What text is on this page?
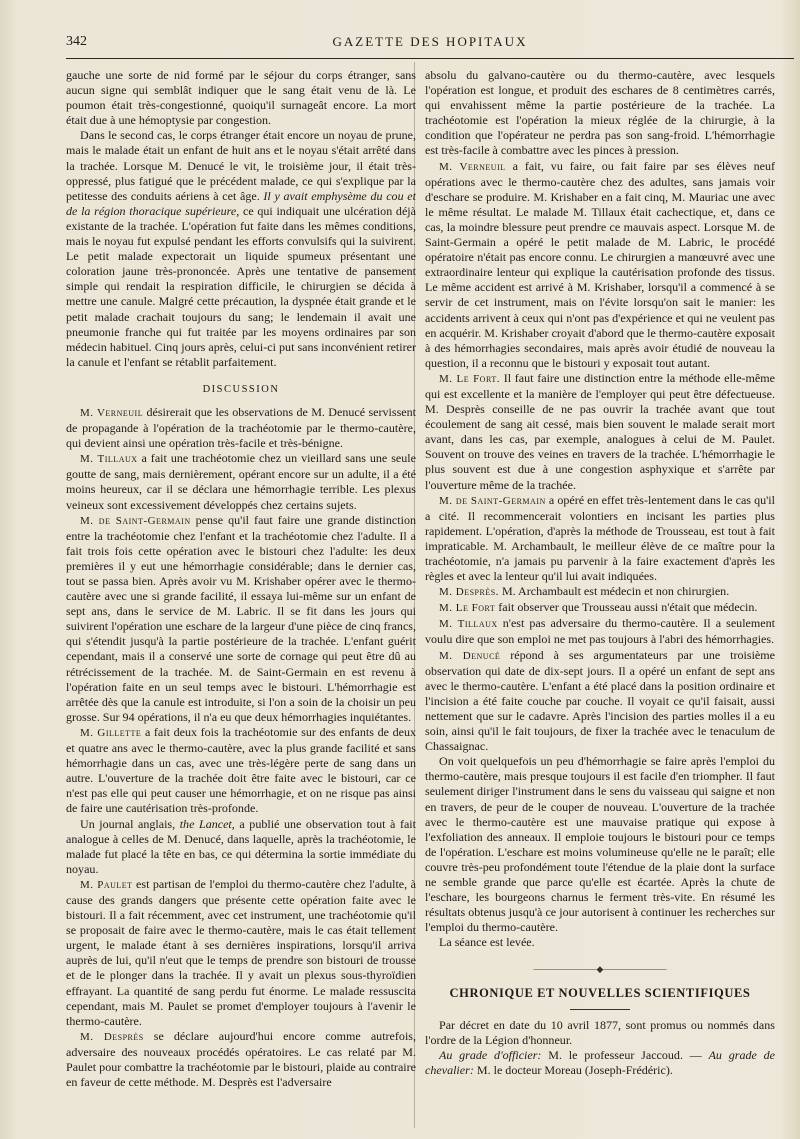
342	GAZETTE DES HOPITAUX

gauche une sorte de nid formé par le séjour du corps étranger, sans aucun signe qui semblât indiquer que le sang était venu de là. Le poumon était très-congestionné, quoiqu'il surnageât encore. La mort était due à une hémoptysie par congestion.

Dans le second cas, le corps étranger était encore un noyau de prune, mais le malade était un enfant de huit ans et le noyau s'était arrêté dans la trachée. Lorsque M. Denucé le vit, le troisième jour, il était très-oppressé, plus fatigué que le précédent malade, ce qui s'explique par la petitesse des conduits aériens à cet âge. Il y avait emphysème du cou et de la région thoracique supérieure, ce qui indiquait une ulcération déjà existante de la trachée. L'opération fut faite dans les mêmes conditions, mais le noyau fut expulsé pendant les efforts convulsifs qui la suivirent. Le petit malade expectorait un liquide spumeux présentant une coloration jaune très-prononcée. Après une tentative de pansement simple qui rendait la respiration difficile, le chirurgien se décida à mettre une canule. Malgré cette précaution, la dyspnée était grande et le petit malade crachait toujours du sang; le lendemain il avait une pneumonie franche qui fut traitée par les moyens ordinaires par son médecin habituel. Cinq jours après, celui-ci put sans inconvénient retirer la canule et l'enfant se rétablit parfaitement.

DISCUSSION

M. Verneuil désirerait que les observations de M. Denucé servissent de propagande à l'opération de la trachéotomie par le thermo-cautère, qui devient ainsi une opération très-facile et très-bénigne.

M. Tillaux a fait une trachéotomie chez un vieillard sans une seule goutte de sang, mais dernièrement, opérant encore sur un adulte, il a été moins heureux, car il se déclara une hémorrhagie terrible. Les plexus veineux sont excessivement développés chez certains sujets.

M. de Saint-Germain pense qu'il faut faire une grande distinction entre la trachéotomie chez l'enfant et la trachéotomie chez l'adulte. Il a fait trois fois cette opération avec le bistouri chez l'adulte: les deux premières il y eut une hémorrhagie considérable; dans le dernier cas, tout se passa bien. Après avoir vu M. Krishaber opérer avec le thermo-cautère avec une si grande facilité, il essaya lui-même sur un enfant de sept ans, dans le service de M. Labric. Il se fit dans les jours qui suivirent l'opération une eschare de la largeur d'une pièce de cinq francs, qui s'étendit jusqu'à la partie postérieure de la trachée. L'enfant guérit cependant, mais il a conservé une sorte de cornage qui peut être dû au rétrécissement de la trachée. M. de Saint-Germain en est revenu à l'opération faite en un seul temps avec le bistouri. L'hémorrhagie est arrêtée dès que la canule est introduite, si l'on a soin de la choisir un peu grosse. Sur 94 opérations, il n'a eu que deux hémorrhagies inquiétantes.

M. Gillette a fait deux fois la trachéotomie sur des enfants de deux et quatre ans avec le thermo-cautère, avec la plus grande facilité et sans hémorrhagie dans un cas, avec une très-légère perte de sang dans un autre. L'ouverture de la trachée doit être faite avec le bistouri, car ce n'est pas elle qui peut causer une hémorrhagie, et on ne risque pas ainsi de faire une cautérisation très-profonde.

Un journal anglais, the Lancet, a publié une observation tout à fait analogue à celles de M. Denucé, dans laquelle, après la trachéotomie, le malade fut placé la tête en bas, ce qui détermina la sortie immédiate du noyau.

M. Paulet est partisan de l'emploi du thermo-cautère chez l'adulte, à cause des grands dangers que présente cette opération faite avec le bistouri. Il a fait récemment, avec cet instrument, une trachéotomie qu'il se proposait de faire avec le thermo-cautère, mais le cas était tellement urgent, le malade étant à ses dernières inspirations, lorsqu'il arriva auprès de lui, qu'il n'eut que le temps de prendre son bistouri de trousse et de le plonger dans la trachée. Il y avait un plexus sous-thyroïdien effrayant. La quantité de sang perdu fut énorme. Le malade ressuscita cependant, mais M. Paulet se promet d'employer toujours à l'avenir le thermo-cautère.

M. Desprès se déclare aujourd'hui encore comme autrefois, adversaire des nouveaux procédés opératoires. Le cas relaté par M. Paulet pour combattre la trachéotomie par le bistouri, plaide au contraire en faveur de cette méthode. M. Desprès est l'adversaire

absolu du galvano-cautère ou du thermo-cautère, avec lesquels l'opération est longue, et produit des eschares de 8 centimètres carrés, qui envahissent même la partie postérieure de la trachée. La trachéotomie est l'opération la mieux réglée de la chirurgie, à la condition que l'opérateur ne perdra pas son sang-froid. L'hémorrhagie est très-facile à combattre avec les pinces à pression.

M. Verneuil a fait, vu faire, ou fait faire par ses élèves neuf opérations avec le thermo-cautère chez des adultes, sans jamais voir d'eschare se produire. M. Krishaber en a fait cinq, M. Mauriac une avec le même résultat. Le malade M. Tillaux était cachectique, et, dans ce cas, la moindre blessure peut prendre ce mauvais aspect. Lorsque M. de Saint-Germain a opéré le petit malade de M. Labric, le procédé opératoire n'était pas encore connu. Le chirurgien a manœuvré avec une extraordinaire lenteur qui explique la cautérisation profonde des tissus. Le même accident est arrivé à M. Krishaber, lorsqu'il a commencé à se servir de cet instrument, mais on l'évite lorsqu'on sait le manier: les accidents arrivent à ceux qui n'ont pas d'expérience et qui ne veulent pas en acquérir. M. Krishaber croyait d'abord que le thermo-cautère exposait à des hémorrhagies secondaires, mais après avoir étudié de nouveau la question, il a reconnu que le bistouri y exposait tout autant.

M. Le Fort. Il faut faire une distinction entre la méthode elle-même qui est excellente et la manière de l'employer qui peut être défectueuse. M. Desprès conseille de ne pas ouvrir la trachée avant que tout écoulement de sang ait cessé, mais bien souvent le malade serait mort avant, dans les cas, par exemple, analogues à celui de M. Paulet. Souvent on trouve des veines en travers de la trachée. L'hémorrhagie le plus souvent est due à une congestion asphyxique et s'arrête par l'ouverture même de la trachée.

M. de Saint-Germain a opéré en effet très-lentement dans le cas qu'il a cité. Il recommencerait volontiers en incisant les parties plus rapidement. L'opération, d'après la méthode de Trousseau, est tout à fait impraticable. M. Archambault, le meilleur élève de ce maître pour la trachéotomie, n'a jamais pu parvenir à la faire exactement d'après les règles et avec la lenteur qu'il lui avait indiquées.

M. Desprès. M. Archambault est médecin et non chirurgien.

M. Le Fort fait observer que Trousseau aussi n'était que médecin.

M. Tillaux n'est pas adversaire du thermo-cautère. Il a seulement voulu dire que son emploi ne met pas toujours à l'abri des hémorrhagies.

M. Denucé répond à ses argumentateurs par une troisième observation qui date de dix-sept jours. Il a opéré un enfant de sept ans avec le thermo-cautère. L'enfant a été placé dans la position ordinaire et l'incision a été faite couche par couche. Il voyait ce qu'il faisait, aussi nettement que sur le cadavre. Après l'incision des parties molles il a eu soin, ainsi qu'il le fait toujours, de fixer la trachée avec le tenaculum de Chassaignac.

On voit quelquefois un peu d'hémorrhagie se faire après l'emploi du thermo-cautère, mais presque toujours il est facile d'en triompher. Il faut seulement diriger l'instrument dans le sens du vaisseau qui saigne et non en travers, de peur de le couper de nouveau. L'ouverture de la trachée avec le thermo-cautère est une mauvaise pratique qui expose à l'exfoliation des anneaux. Il emploie toujours le bistouri pour ce temps de l'opération. L'eschare est moins volumineuse qu'elle ne le paraît; elle couvre très-peu profondément toute l'étendue de la plaie dont la surface ne semble grande que parce qu'elle est écartée. Après la chute de l'eschare, les bourgeons charnus le ferment très-vite. En résumé les résultats obtenus jusqu'à ce jour autorisent à continuer les recherches sur l'emploi du thermo-cautère.

La séance est levée.

———————◆———————
CHRONIQUE ET NOUVELLES SCIENTIFIQUES

Par décret en date du 10 avril 1877, sont promus ou nommés dans l'ordre de la Légion d'honneur.

Au grade d'officier: M. le professeur Jaccoud. — Au grade de chevalier: M. le docteur Moreau (Joseph-Frédéric).
